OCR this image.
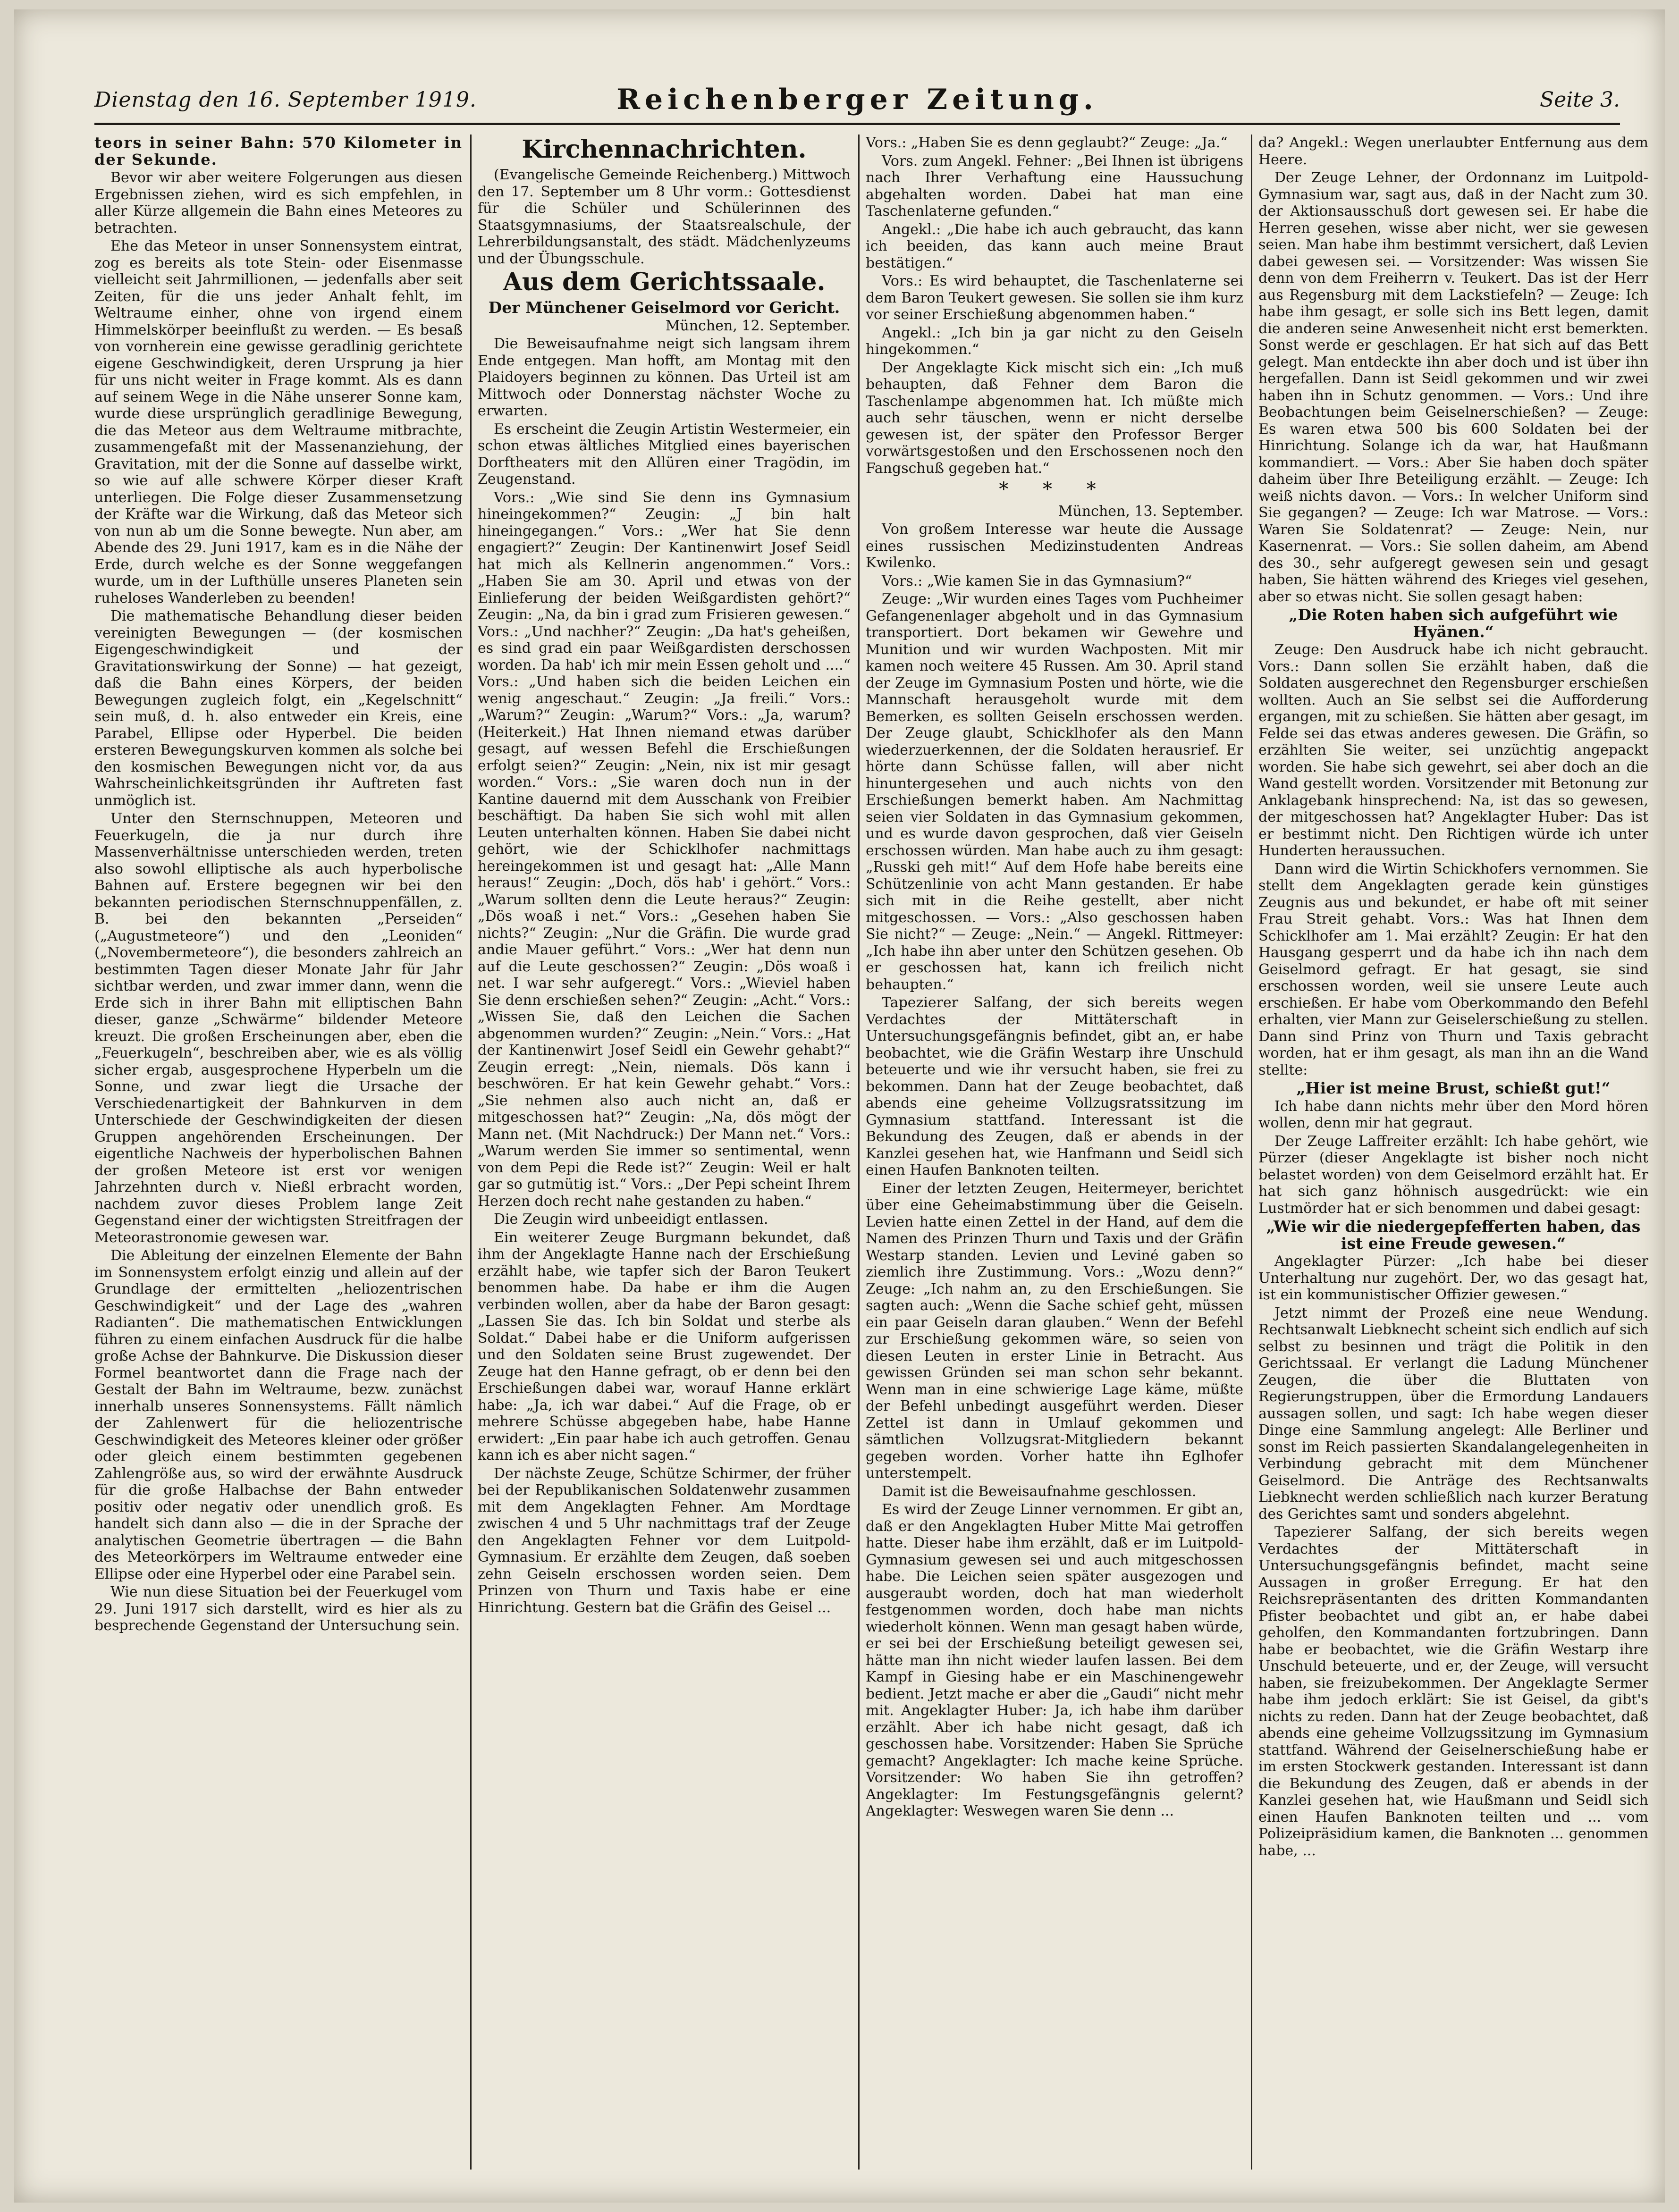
Dienstag den 16. September 1919.	Reichenberger Zeitung.	Seite 3.

teors in seiner Bahn: 570 Kilometer in der Sekunde.

Bevor wir aber weitere Folgerungen aus diesen Ergebnissen ziehen, wird es sich empfehlen, in aller Kürze allgemein die Bahn eines Meteores zu betrachten.

Ehe das Meteor in unser Sonnensystem eintrat, zog es bereits als tote Stein- oder Eisenmasse vielleicht seit Jahrmillionen, — jedenfalls aber seit Zeiten, für die uns jeder Anhalt fehlt, im Weltraume einher, ohne von irgend einem Himmelskörper beeinflußt zu werden. — Es besaß von vornherein eine gewisse geradlinig gerichtete eigene Geschwindigkeit, deren Ursprung ja hier für uns nicht weiter in Frage kommt. Als es dann auf seinem Wege in die Nähe unserer Sonne kam, wurde diese ursprünglich geradlinige Bewegung, die das Meteor aus dem Weltraume mitbrachte, zusammengefaßt mit der Massenanziehung, der Gravitation, mit der die Sonne auf dasselbe wirkt, so wie auf alle schwere Körper dieser Kraft unterliegen. Die Folge dieser Zusammensetzung der Kräfte war die Wirkung, daß das Meteor sich von nun ab um die Sonne bewegte. Nun aber, am Abende des 29. Juni 1917, kam es in die Nähe der Erde, durch welche es der Sonne weggefangen wurde, um in der Lufthülle unseres Planeten sein ruheloses Wanderleben zu beenden!

Die mathematische Behandlung dieser beiden vereinigten Bewegungen — (der kosmischen Eigengeschwindigkeit und der Gravitationswirkung der Sonne) — hat gezeigt, daß die Bahn eines Körpers, der beiden Bewegungen zugleich folgt, ein „Kegelschnitt“ sein muß, d. h. also entweder ein Kreis, eine Parabel, Ellipse oder Hyperbel. Die beiden ersteren Bewegungskurven kommen als solche bei den kosmischen Bewegungen nicht vor, da aus Wahrscheinlichkeitsgründen ihr Auftreten fast unmöglich ist.

Unter den Sternschnuppen, Meteoren und Feuerkugeln, die ja nur durch ihre Massenverhältnisse unterschieden werden, treten also sowohl elliptische als auch hyperbolische Bahnen auf. Erstere begegnen wir bei den bekannten periodischen Sternschnuppenfällen, z. B. bei den bekannten „Perseiden“ („Augustmeteore“) und den „Leoniden“ („Novembermeteore“), die besonders zahlreich an bestimmten Tagen dieser Monate Jahr für Jahr sichtbar werden, und zwar immer dann, wenn die Erde sich in ihrer Bahn mit elliptischen Bahn dieser, ganze „Schwärme“ bildender Meteore kreuzt. Die großen Erscheinungen aber, eben die „Feuerkugeln“, beschreiben aber, wie es als völlig sicher ergab, ausgesprochene Hyperbeln um die Sonne, und zwar liegt die Ursache der Verschiedenartigkeit der Bahnkurven in dem Unterschiede der Geschwindigkeiten der diesen Gruppen angehörenden Erscheinungen. Der eigentliche Nachweis der hyperbolischen Bahnen der großen Meteore ist erst vor wenigen Jahrzehnten durch v. Nießl erbracht worden, nachdem zuvor dieses Problem lange Zeit Gegenstand einer der wichtigsten Streitfragen der Meteorastronomie gewesen war.

Die Ableitung der einzelnen Elemente der Bahn im Sonnensystem erfolgt einzig und allein auf der Grundlage der ermittelten „heliozentrischen Geschwindigkeit“ und der Lage des „wahren Radianten“. Die mathematischen Entwicklungen führen zu einem einfachen Ausdruck für die halbe große Achse der Bahnkurve. Die Diskussion dieser Formel beantwortet dann die Frage nach der Gestalt der Bahn im Weltraume, bezw. zunächst innerhalb unseres Sonnensystems. Fällt nämlich der Zahlenwert für die heliozentrische Geschwindigkeit des Meteores kleiner oder größer oder gleich einem bestimmten gegebenen Zahlengröße aus, so wird der erwähnte Ausdruck für die große Halbachse der Bahn entweder positiv oder negativ oder unendlich groß. Es handelt sich dann also — die in der Sprache der analytischen Geometrie übertragen — die Bahn des Meteorkörpers im Weltraume entweder eine Ellipse oder eine Hyperbel oder eine Parabel sein.

Wie nun diese Situation bei der Feuerkugel vom 29. Juni 1917 sich darstellt, wird es hier als zu besprechende Gegenstand der Untersuchung sein.

Kirchennachrichten.

(Evangelische Gemeinde Reichenberg.) Mittwoch den 17. September um 8 Uhr vorm.: Gottesdienst für die Schüler und Schülerinnen des Staatsgymnasiums, der Staatsrealschule, der Lehrerbildungsanstalt, des städt. Mädchenlyzeums und der Übungsschule.

Aus dem Gerichtssaale.

Der Münchener Geiselmord vor Gericht.

München, 12. September.

Die Beweisaufnahme neigt sich langsam ihrem Ende entgegen. Man hofft, am Montag mit den Plaidoyers beginnen zu können. Das Urteil ist am Mittwoch oder Donnerstag nächster Woche zu erwarten.

Es erscheint die Zeugin Artistin Westermeier, ein schon etwas ältliches Mitglied eines bayerischen Dorftheaters mit den Allüren einer Tragödin, im Zeugenstand.

Vors.: „Wie sind Sie denn ins Gymnasium hineingekommen?“ Zeugin: „J bin halt hineingegangen.“ Vors.: „Wer hat Sie denn engagiert?“ Zeugin: Der Kantinenwirt Josef Seidl hat mich als Kellnerin angenommen.“ Vors.: „Haben Sie am 30. April und etwas von der Einlieferung der beiden Weißgardisten gehört?“ Zeugin: „Na, da bin i grad zum Frisieren gewesen.“ Vors.: „Und nachher?“ Zeugin: „Da hat's geheißen, es sind grad ein paar Weißgardisten derschossen worden. Da hab' ich mir mein Essen geholt und ....“ Vors.: „Und haben sich die beiden Leichen ein wenig angeschaut.“ Zeugin: „Ja freili.“ Vors.: „Warum?“ Zeugin: „Warum?“ Vors.: „Ja, warum? (Heiterkeit.) Hat Ihnen niemand etwas darüber gesagt, auf wessen Befehl die Erschießungen erfolgt seien?“ Zeugin: „Nein, nix ist mir gesagt worden.“ Vors.: „Sie waren doch nun in der Kantine dauernd mit dem Ausschank von Freibier beschäftigt. Da haben Sie sich wohl mit allen Leuten unterhalten können. Haben Sie dabei nicht gehört, wie der Schicklhofer nachmittags hereingekommen ist und gesagt hat: „Alle Mann heraus!“ Zeugin: „Doch, dös hab' i gehört.“ Vors.: „Warum sollten denn die Leute heraus?“ Zeugin: „Dös woaß i net.“ Vors.: „Gesehen haben Sie nichts?“ Zeugin: „Nur die Gräfin. Die wurde grad andie Mauer geführt.“ Vors.: „Wer hat denn nun auf die Leute geschossen?“ Zeugin: „Dös woaß i net. I war sehr aufgeregt.“ Vors.: „Wieviel haben Sie denn erschießen sehen?“ Zeugin: „Acht.“ Vors.: „Wissen Sie, daß den Leichen die Sachen abgenommen wurden?“ Zeugin: „Nein.“ Vors.: „Hat der Kantinenwirt Josef Seidl ein Gewehr gehabt?“ Zeugin erregt: „Nein, niemals. Dös kann i beschwören. Er hat kein Gewehr gehabt.“ Vors.: „Sie nehmen also auch nicht an, daß er mitgeschossen hat?“ Zeugin: „Na, dös mögt der Mann net. (Mit Nachdruck:) Der Mann net.“ Vors.: „Warum werden Sie immer so sentimental, wenn von dem Pepi die Rede ist?“ Zeugin: Weil er halt gar so gutmütig ist.“ Vors.: „Der Pepi scheint Ihrem Herzen doch recht nahe gestanden zu haben.“

Die Zeugin wird unbeeidigt entlassen.

Ein weiterer Zeuge Burgmann bekundet, daß ihm der Angeklagte Hanne nach der Erschießung erzählt habe, wie tapfer sich der Baron Teukert benommen habe. Da habe er ihm die Augen verbinden wollen, aber da habe der Baron gesagt: „Lassen Sie das. Ich bin Soldat und sterbe als Soldat.“ Dabei habe er die Uniform aufgerissen und den Soldaten seine Brust zugewendet. Der Zeuge hat den Hanne gefragt, ob er denn bei den Erschießungen dabei war, worauf Hanne erklärt habe: „Ja, ich war dabei.“ Auf die Frage, ob er mehrere Schüsse abgegeben habe, habe Hanne erwidert: „Ein paar habe ich auch getroffen. Genau kann ich es aber nicht sagen.“

Der nächste Zeuge, Schütze Schirmer, der früher bei der Republikanischen Soldatenwehr zusammen mit dem Angeklagten Fehner. Am Mordtage zwischen 4 und 5 Uhr nachmittags traf der Zeuge den Angeklagten Fehner vor dem Luitpold-Gymnasium. Er erzählte dem Zeugen, daß soeben zehn Geiseln erschossen worden seien. Dem Prinzen von Thurn und Taxis habe er eine Hinrichtung. Gestern bat die Gräfin des Geisel ...

Vors.: „Haben Sie es denn geglaubt?“ Zeuge: „Ja.“

Vors. zum Angekl. Fehner: „Bei Ihnen ist übrigens nach Ihrer Verhaftung eine Haussuchung abgehalten worden. Dabei hat man eine Taschenlaterne gefunden.“

Angekl.: „Die habe ich auch gebraucht, das kann ich beeiden, das kann auch meine Braut bestätigen.“

Vors.: Es wird behauptet, die Taschenlaterne sei dem Baron Teukert gewesen. Sie sollen sie ihm kurz vor seiner Erschießung abgenommen haben.“

Angekl.: „Ich bin ja gar nicht zu den Geiseln hingekommen.“

Der Angeklagte Kick mischt sich ein: „Ich muß behaupten, daß Fehner dem Baron die Taschenlampe abgenommen hat. Ich müßte mich auch sehr täuschen, wenn er nicht derselbe gewesen ist, der später den Professor Berger vorwärtsgestoßen und den Erschossenen noch den Fangschuß gegeben hat.“

* * *

München, 13. September.

Von großem Interesse war heute die Aussage eines russischen Medizinstudenten Andreas Kwilenko.

Vors.: „Wie kamen Sie in das Gymnasium?“

Zeuge: „Wir wurden eines Tages vom Puchheimer Gefangenenlager abgeholt und in das Gymnasium transportiert. Dort bekamen wir Gewehre und Munition und wir wurden Wachposten. Mit mir kamen noch weitere 45 Russen. Am 30. April stand der Zeuge im Gymnasium Posten und hörte, wie die Mannschaft herausgeholt wurde mit dem Bemerken, es sollten Geiseln erschossen werden. Der Zeuge glaubt, Schicklhofer als den Mann wiederzuerkennen, der die Soldaten herausrief. Er hörte dann Schüsse fallen, will aber nicht hinuntergesehen und auch nichts von den Erschießungen bemerkt haben. Am Nachmittag seien vier Soldaten in das Gymnasium gekommen, und es wurde davon gesprochen, daß vier Geiseln erschossen würden. Man habe auch zu ihm gesagt: „Russki geh mit!“ Auf dem Hofe habe bereits eine Schützenlinie von acht Mann gestanden. Er habe sich mit in die Reihe gestellt, aber nicht mitgeschossen. — Vors.: „Also geschossen haben Sie nicht?“ — Zeuge: „Nein.“ — Angekl. Rittmeyer: „Ich habe ihn aber unter den Schützen gesehen. Ob er geschossen hat, kann ich freilich nicht behaupten.“

Tapezierer Salfang, der sich bereits wegen Verdachtes der Mittäterschaft in Untersuchungsgefängnis befindet, gibt an, er habe beobachtet, wie die Gräfin Westarp ihre Unschuld beteuerte und wie ihr versucht haben, sie frei zu bekommen. Dann hat der Zeuge beobachtet, daß abends eine geheime Vollzugsratssitzung im Gymnasium stattfand. Interessant ist die Bekundung des Zeugen, daß er abends in der Kanzlei gesehen hat, wie Hanfmann und Seidl sich einen Haufen Banknoten teilten.

Einer der letzten Zeugen, Heitermeyer, berichtet über eine Geheimabstimmung über die Geiseln. Levien hatte einen Zettel in der Hand, auf dem die Namen des Prinzen Thurn und Taxis und der Gräfin Westarp standen. Levien und Leviné gaben so ziemlich ihre Zustimmung. Vors.: „Wozu denn?“ Zeuge: „Ich nahm an, zu den Erschießungen. Sie sagten auch: „Wenn die Sache schief geht, müssen ein paar Geiseln daran glauben.“ Wenn der Befehl zur Erschießung gekommen wäre, so seien von diesen Leuten in erster Linie in Betracht. Aus gewissen Gründen sei man schon sehr bekannt. Wenn man in eine schwierige Lage käme, müßte der Befehl unbedingt ausgeführt werden. Dieser Zettel ist dann in Umlauf gekommen und sämtlichen Vollzugsrat-Mitgliedern bekannt gegeben worden. Vorher hatte ihn Eglhofer unterstempelt.

Damit ist die Beweisaufnahme geschlossen.

Es wird der Zeuge Linner vernommen. Er gibt an, daß er den Angeklagten Huber Mitte Mai getroffen hatte. Dieser habe ihm erzählt, daß er im Luitpold-Gymnasium gewesen sei und auch mitgeschossen habe. Die Leichen seien später ausgezogen und ausgeraubt worden, doch hat man wiederholt festgenommen worden, doch habe man nichts wiederholt können. Wenn man gesagt haben würde, er sei bei der Erschießung beteiligt gewesen sei, hätte man ihn nicht wieder laufen lassen. Bei dem Kampf in Giesing habe er ein Maschinengewehr bedient. Jetzt mache er aber die „Gaudi“ nicht mehr mit. Angeklagter Huber: Ja, ich habe ihm darüber erzählt. Aber ich habe nicht gesagt, daß ich geschossen habe. Vorsitzender: Haben Sie Sprüche gemacht? Angeklagter: Ich mache keine Sprüche. Vorsitzender: Wo haben Sie ihn getroffen? Angeklagter: Im Festungsgefängnis gelernt? Angeklagter: Weswegen waren Sie denn ...

da? Angekl.: Wegen unerlaubter Entfernung aus dem Heere.

Der Zeuge Lehner, der Ordonnanz im Luitpold-Gymnasium war, sagt aus, daß in der Nacht zum 30. der Aktionsausschuß dort gewesen sei. Er habe die Herren gesehen, wisse aber nicht, wer sie gewesen seien. Man habe ihm bestimmt versichert, daß Levien dabei gewesen sei. — Vorsitzender: Was wissen Sie denn von dem Freiherrn v. Teukert. Das ist der Herr aus Regensburg mit dem Lackstiefeln? — Zeuge: Ich habe ihm gesagt, er solle sich ins Bett legen, damit die anderen seine Anwesenheit nicht erst bemerkten. Sonst werde er geschlagen. Er hat sich auf das Bett gelegt. Man entdeckte ihn aber doch und ist über ihn hergefallen. Dann ist Seidl gekommen und wir zwei haben ihn in Schutz genommen. — Vors.: Und ihre Beobachtungen beim Geiselnerschießen? — Zeuge: Es waren etwa 500 bis 600 Soldaten bei der Hinrichtung. Solange ich da war, hat Haußmann kommandiert. — Vors.: Aber Sie haben doch später daheim über Ihre Beteiligung erzählt. — Zeuge: Ich weiß nichts davon. — Vors.: In welcher Uniform sind Sie gegangen? — Zeuge: Ich war Matrose. — Vors.: Waren Sie Soldatenrat? — Zeuge: Nein, nur Kasernenrat. — Vors.: Sie sollen daheim, am Abend des 30., sehr aufgeregt gewesen sein und gesagt haben, Sie hätten während des Krieges viel gesehen, aber so etwas nicht. Sie sollen gesagt haben:

„Die Roten haben sich aufgeführt wie Hyänen.“

Zeuge: Den Ausdruck habe ich nicht gebraucht. Vors.: Dann sollen Sie erzählt haben, daß die Soldaten ausgerechnet den Regensburger erschießen wollten. Auch an Sie selbst sei die Aufforderung ergangen, mit zu schießen. Sie hätten aber gesagt, im Felde sei das etwas anderes gewesen. Die Gräfin, so erzählten Sie weiter, sei unzüchtig angepackt worden. Sie habe sich gewehrt, sei aber doch an die Wand gestellt worden. Vorsitzender mit Betonung zur Anklagebank hinsprechend: Na, ist das so gewesen, der mitgeschossen hat? Angeklagter Huber: Das ist er bestimmt nicht. Den Richtigen würde ich unter Hunderten heraussuchen.

Dann wird die Wirtin Schickhofers vernommen. Sie stellt dem Angeklagten gerade kein günstiges Zeugnis aus und bekundet, er habe oft mit seiner Frau Streit gehabt. Vors.: Was hat Ihnen dem Schicklhofer am 1. Mai erzählt? Zeugin: Er hat den Hausgang gesperrt und da habe ich ihn nach dem Geiselmord gefragt. Er hat gesagt, sie sind erschossen worden, weil sie unsere Leute auch erschießen. Er habe vom Oberkommando den Befehl erhalten, vier Mann zur Geiselerschießung zu stellen. Dann sind Prinz von Thurn und Taxis gebracht worden, hat er ihm gesagt, als man ihn an die Wand stellte:

„Hier ist meine Brust, schießt gut!“

Ich habe dann nichts mehr über den Mord hören wollen, denn mir hat gegraut.

Der Zeuge Laffreiter erzählt: Ich habe gehört, wie Pürzer (dieser Angeklagte ist bisher noch nicht belastet worden) von dem Geiselmord erzählt hat. Er hat sich ganz höhnisch ausgedrückt: wie ein Lustmörder hat er sich benommen und dabei gesagt:

„Wie wir die niedergepfefferten haben, das ist eine Freude gewesen.“

Angeklagter Pürzer: „Ich habe bei dieser Unterhaltung nur zugehört. Der, wo das gesagt hat, ist ein kommunistischer Offizier gewesen.“

Jetzt nimmt der Prozeß eine neue Wendung. Rechtsanwalt Liebknecht scheint sich endlich auf sich selbst zu besinnen und trägt die Politik in den Gerichtssaal. Er verlangt die Ladung Münchener Zeugen, die über die Bluttaten von Regierungstruppen, über die Ermordung Landauers aussagen sollen, und sagt: Ich habe wegen dieser Dinge eine Sammlung angelegt: Alle Berliner und sonst im Reich passierten Skandalangelegenheiten in Verbindung gebracht mit dem Münchener Geiselmord. Die Anträge des Rechtsanwalts Liebknecht werden schließlich nach kurzer Beratung des Gerichtes samt und sonders abgelehnt.

Tapezierer Salfang, der sich bereits wegen Verdachtes der Mittäterschaft in Untersuchungsgefängnis befindet, macht seine Aussagen in großer Erregung. Er hat den Reichsrepräsentanten des dritten Kommandanten Pfister beobachtet und gibt an, er habe dabei geholfen, den Kommandanten fortzubringen. Dann habe er beobachtet, wie die Gräfin Westarp ihre Unschuld beteuerte, und er, der Zeuge, will versucht haben, sie freizubekommen. Der Angeklagte Sermer habe ihm jedoch erklärt: Sie ist Geisel, da gibt's nichts zu reden. Dann hat der Zeuge beobachtet, daß abends eine geheime Vollzugssitzung im Gymnasium stattfand. Während der Geiselnerschießung habe er im ersten Stockwerk gestanden. Interessant ist dann die Bekundung des Zeugen, daß er abends in der Kanzlei gesehen hat, wie Haußmann und Seidl sich einen Haufen Banknoten teilten und ... vom Polizeipräsidium kamen, die Banknoten ... genommen habe, ...
